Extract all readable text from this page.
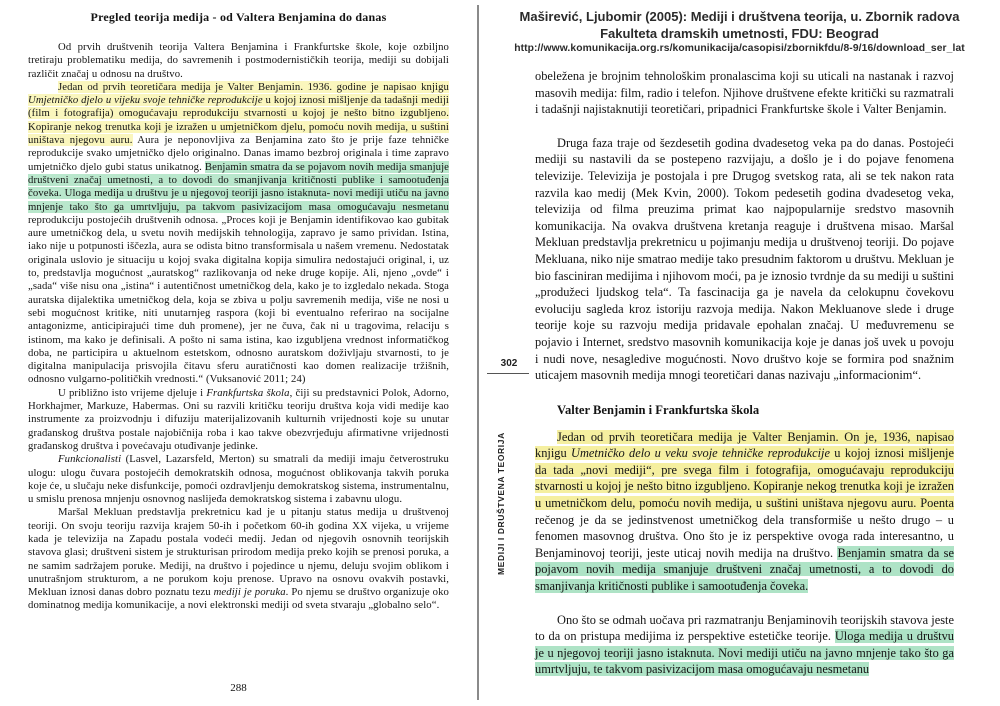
Pregled teorija medija - od Valtera Benjamina do danas

Od prvih društvenih teorija Valtera Benjamina i Frankfurtske škole, koje ozbiljno tretiraju problematiku medija, do savremenih i postmodernističkih teorija, mediji su dobijali različit značaj u odnosu na društvo.

Jedan od prvih teoretičara medija je Valter Benjamin. 1936. godine je napisao knjigu Umjetničko djelo u vijeku svoje tehničke reprodukcije u kojoj iznosi mišljenje da tadašnji mediji (film i fotografija) omogućavaju reprodukciju stvarnosti u kojoj je nešto bitno izgubljeno. Kopiranje nekog trenutka koji je izražen u umjetničkom djelu, pomoću novih medija, u suštini uništava njegovu auru. Aura je neponovljiva za Benjamina zato što je prije faze tehničke reprodukcije svako umjetničko djelo originalno. Danas imamo bezbroj originala i time zapravo umjetničko djelo gubi status unikatnog. Benjamin smatra da se pojavom novih medija smanjuje društveni značaj umetnosti, a to dovodi do smanjivanja kritičnosti publike i samootuđenja čoveka. Uloga medija u društvu je u njegovoj teoriji jasno istaknuta- novi mediji utiču na javno mnjenje tako što ga umrtvljuju, pa takvom pasivizacijom masa omogućavaju nesmetanu reprodukciju postojećih društvenih odnosa. „Proces koji je Benjamin identifikovao kao gubitak aure umetničkog dela, u svetu novih medijskih tehnologija, zapravo je samo prividan. Istina, iako nije u potpunosti iščezla, aura se odista bitno transformisala u našem vremenu. Nedostatak originala uslovio je situaciju u kojoj svaka digitalna kopija simulira nedostajući original, i, uz to, predstavlja mogućnost „auratskog“ razlikovanja od neke druge kopije. Ali, njeno „ovde“ i „sada“ više nisu ona „istina“ i autentičnost umetničkog dela, kako je to izgledalo nekada. Stoga auratska dijalektika umetničkog dela, koja se zbiva u polju savremenih medija, više ne nosi u sebi mogućnost kritike, niti unutarnjeg raspora (koji bi eventualno referirao na socijalne antagonizme, anticipirajući time duh promene), jer ne čuva, čak ni u tragovima, relaciju s istinom, ma kako je definisali. A pošto ni sama istina, kao izgubljena vrednost informatičkog doba, ne participira u aktuelnom estetskom, odnosno auratskom doživljaju stvarnosti, to je digitalna manipulacija prisvojila čitavu sferu auratičnosti kao domen realizacije tržišnih, odnosno vulgarno-političkih vrednosti.“ (Vuksanović 2011; 24)

U približno isto vrijeme djeluje i Frankfurtska škola, čiji su predstavnici Polok, Adorno, Horkhajmer, Markuze, Habermas. Oni su razvili kritičku teoriju društva koja vidi medije kao instrumente za proizvodnju i difuziju materijalizovanih kulturnih vrijednosti koje su unutar građanskog društva postale najobičnija roba i kao takve obezvrjeđuju afirmativne vrijednosti građanskog društva i povećavaju otuđivanje jedinke.

Funkcionalisti (Lasvel, Lazarsfeld, Merton) su smatrali da mediji imaju četverostruku ulogu: ulogu čuvara postojećih demokratskih odnosa, mogućnost oblikovanja takvih poruka koje će, u slučaju neke disfunkcije, pomoći ozdravljenju demokratskog sistema, instrumentalnu, u smislu prenosa mnjenju osnovnog naslijeđa demokratskog sistema i zabavnu ulogu.

Maršal Mekluan predstavlja prekretnicu kad je u pitanju status medija u društvenoj teoriji. On svoju teoriju razvija krajem 50-ih i početkom 60-ih godina XX vijeka, u vrijeme kada je televizija na Zapadu postala vodeći medij. Jedan od njegovih osnovnih teorijskih stavova glasi; društveni sistem je strukturisan prirodom medija preko kojih se prenosi poruka, a ne samim sadržajem poruke. Mediji, na društvo i pojedince u njemu, deluju svojim oblikom i unutrašnjom strukturom, a ne porukom koju prenose. Upravo na osnovu ovakvih postavki, Mekluan iznosi danas dobro poznatu tezu mediji je poruka. Po njemu se društvo organizuje oko dominatnog medija komunikacije, a novi elektronski mediji od sveta stvaraju „globalno selo“.

288
Maširević, Ljubomir (2005): Mediji i društvena teorija, u. Zbornik radova
Fakulteta dramskih umetnosti, FDU: Beograd
http://www.komunikacija.org.rs/komunikacija/casopisi/zbornikfdu/8-9/16/download_ser_lat
302
MEDIJI I DRUŠTVENA TEORIJA

obeležena je brojnim tehnološkim pronalascima koji su uticali na nastanak i razvoj masovih medija: film, radio i telefon. Njihove društvene efekte kritički su razmatrali i tadašnji najistaknutiji teoretičari, pripadnici Frankfurtske škole i Valter Benjamin.

Druga faza traje od šezdesetih godina dvadesetog veka pa do danas. Postojeći mediji su nastavili da se postepeno razvijaju, a došlo je i do pojave fenomena televizije. Televizija je postojala i pre Drugog svetskog rata, ali se tek nakon rata razvila kao medij (Mek Kvin, 2000). Tokom pedesetih godina dvadesetog veka, televizija od filma preuzima primat kao najpopularnije sredstvo masovnih komunikacija. Na ovakva društvena kretanja reaguje i društvena misao. Maršal Mekluan predstavlja prekretnicu u pojimanju medija u društvenoj teoriji. Do pojave Mekluana, niko nije smatrao medije tako presudnim faktorom u društvu. Mekluan je bio fasciniran medijima i njihovom moći, pa je iznosio tvrdnje da su mediji u suštini „produžeci ljudskog tela“. Ta fascinacija ga je navela da celokupnu čovekovu evoluciju sagleda kroz istoriju razvoja medija. Nakon Mekluanove slede i druge teorije koje su razvoju medija pridavale epohalan značaj. U međuvremenu se pojavio i Internet, sredstvo masovnih komunikacija koje je danas još uvek u povoju i nudi nove, nesagledive mogućnosti. Novo društvo koje se formira pod snažnim uticajem masovnih medija mnogi teoretičari danas nazivaju „informacionim“.

Valter Benjamin i Frankfurtska škola

Jedan od prvih teoretičara medija je Valter Benjamin. On je, 1936, napisao knjigu Umetničko delo u veku svoje tehničke reprodukcije u kojoj iznosi mišljenje da tada „novi mediji“, pre svega film i fotografija, omogućavaju reprodukciju stvarnosti u kojoj je nešto bitno izgubljeno. Kopiranje nekog trenutka koji je izražen u umetničkom delu, pomoću novih medija, u suštini uništava njegovu auru. Poenta rečenog je da se jedinstvenost umetničkog dela transformiše u nešto drugo – u fenomen masovnog društva. Ono što je iz perspektive ovoga rada interesantno, u Benjaminovoj teoriji, jeste uticaj novih medija na društvo. Benjamin smatra da se pojavom novih medija smanjuje društveni značaj umetnosti, a to dovodi do smanjivanja kritičnosti publike i samootuđenja čoveka.

Ono što se odmah uočava pri razmatranju Benjaminovih teorijskih stavova jeste to da on pristupa medijima iz perspektive estetičke teorije. Uloga medija u društvu je u njegovoj teoriji jasno istaknuta. Novi mediji utiču na javno mnjenje tako što ga umrtvljuju, te takvom pasivizacijom masa omogućavaju nesmetanu
